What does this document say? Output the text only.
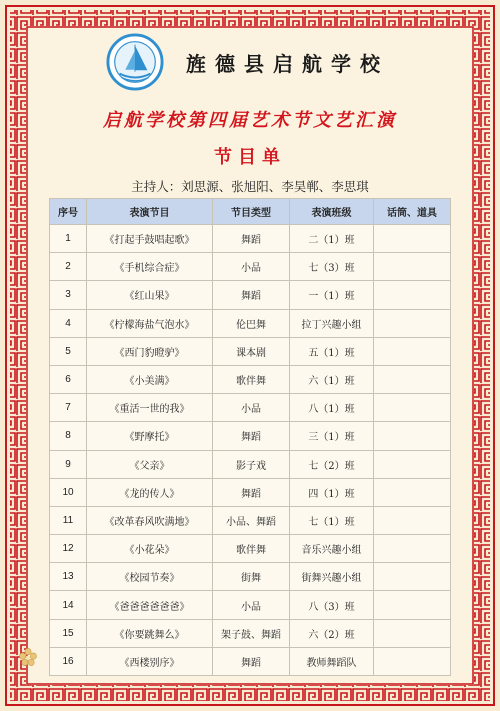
旌德县启航学校
启航学校第四届艺术节文艺汇演
节目单
主持人：刘思源、张旭阳、李昊郸、李思琪
序号	表演节目	节目类型	表演班级	话筒、道具
1	《打起手鼓唱起歌》	舞蹈	二（1）班	
2	《手机综合症》	小品	七（3）班	
3	《红山果》	舞蹈	一（1）班	
4	《柠檬海盐气泡水》	伦巴舞	拉丁兴趣小组	
5	《西门豹瞪驴》	课本剧	五（1）班	
6	《小美满》	歌伴舞	六（1）班	
7	《重活一世的我》	小品	八（1）班	
8	《野摩托》	舞蹈	三（1）班	
9	《父亲》	影子戏	七（2）班	
10	《龙的传人》	舞蹈	四（1）班	
11	《改革春风吹满地》	小品、舞蹈	七（1）班	
12	《小花朵》	歌伴舞	音乐兴趣小组	
13	《校园节奏》	街舞	街舞兴趣小组	
14	《爸爸爸爸爸爸》	小品	八（3）班	
15	《你要跳舞么》	架子鼓、舞蹈	六（2）班	
16	《西楼别序》	舞蹈	教师舞蹈队	
